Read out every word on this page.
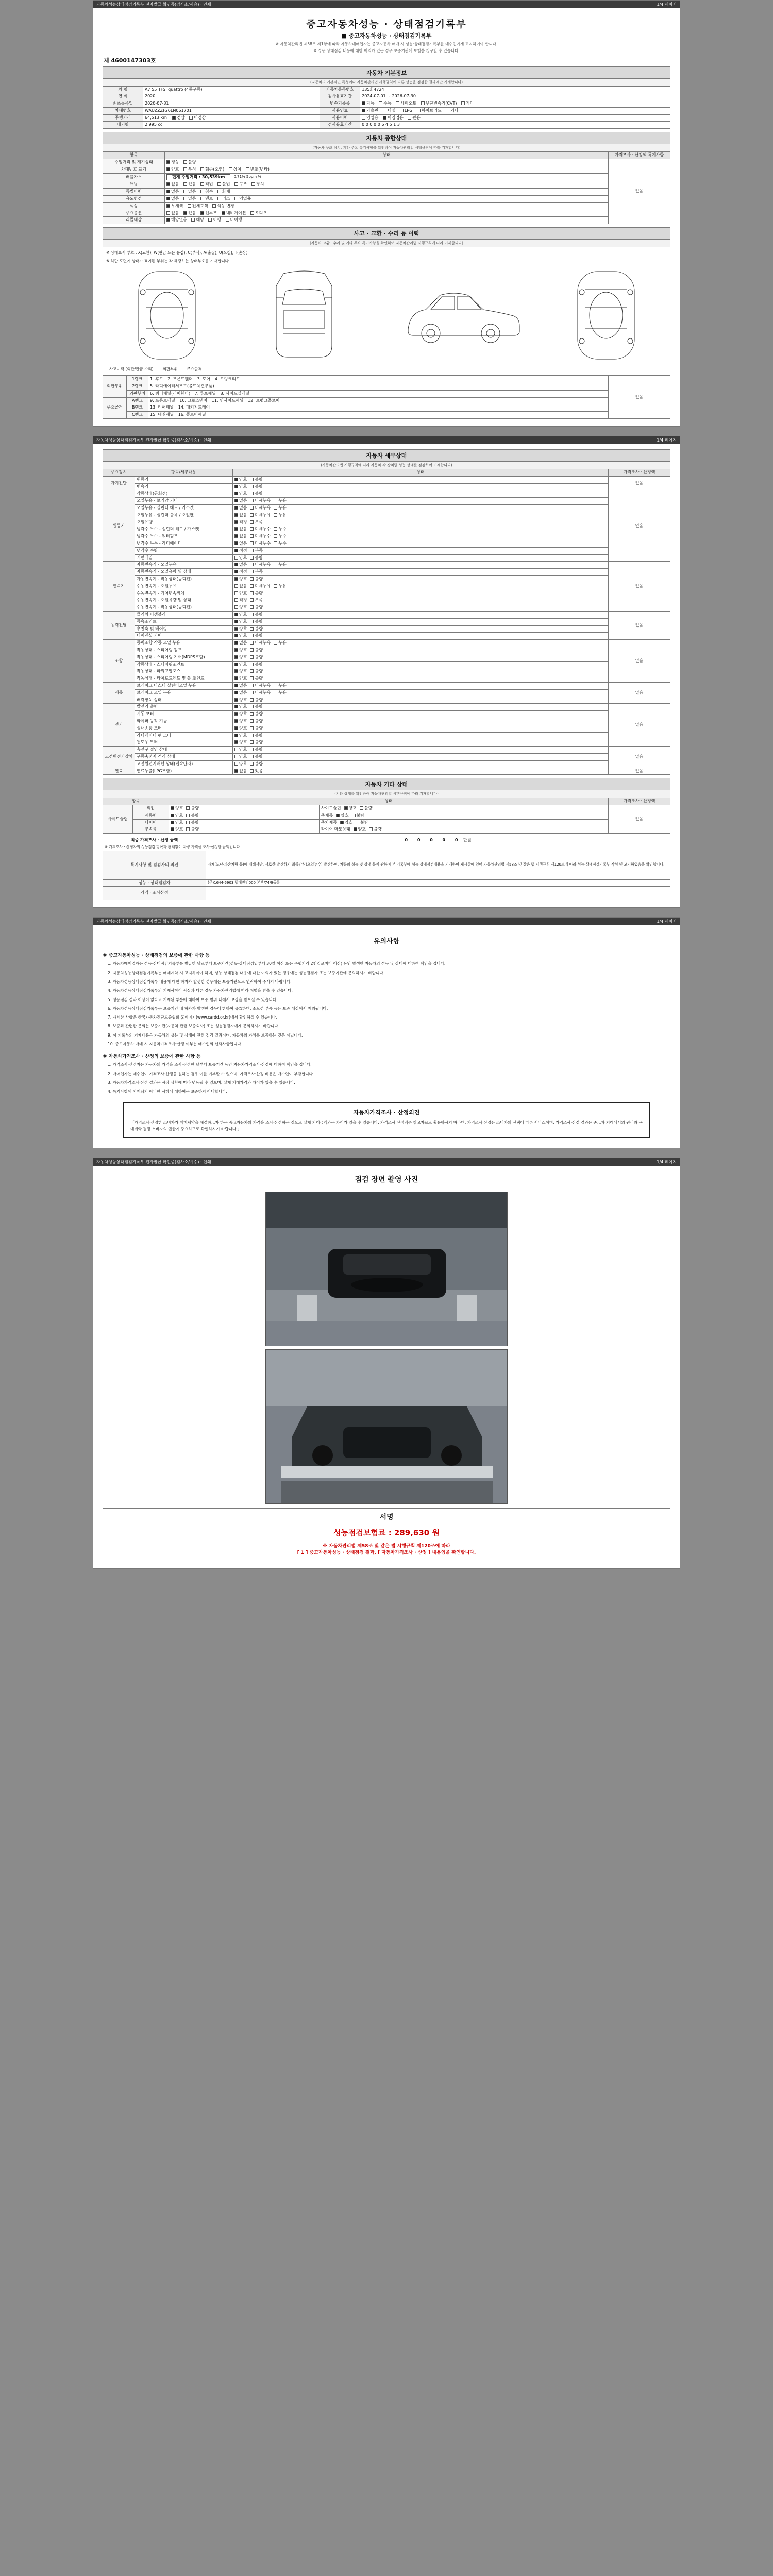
자동차성능상태점검기록부 전자발급 확인증(검사소/시승) · 인쇄	1/4 페이지
중고자동차성능 · 상태점검기록부
■ 중고자동차성능 · 상태점검기록부
※ 자동차관리법 제58조 제1항에 따라 자동차매매업자는 중고자동차 매매 시 성능·상태점검기록부를 매수인에게 고지하여야 합니다.
※ 성능·상태점검 내용에 대한 이의가 있는 경우 보증기관에 보험을 청구할 수 있습니다.
제 4600147303호
자동차 기본정보
(자동차의 기본적인 특성이나 자동차관리법 시행규칙에 따른 성능을 점검한 결과에만 기재합니다)
차 명	A7 55 TFSI quattro (4륜구동)	자동차등록번호	135회4724
연 식	2020	검사유효기간	2024-07-01 ~ 2026-07-30
최초등록일	2020-07-31	변속기종류	자동 수동 세미오토 무단변속기(CVT) 기타
차대번호	WAUZZZF26LN061701	사용연료	가솔린 디젤 LPG 하이브리드 기타
주행거리	64,513 km 정상 비정상	사용이력	영업용 비영업용 관용
배기량	2,995 cc	검사유효기간	0 0 0 0 0 6 4 5 1 3
자동차 종합상태
(자동차 구조·장치, 기타 주요 특기사항을 확인하여 자동차관리법 시행규칙에 따라 기재합니다)
항목	상태	가격조사 · 산정액 특기사항
주행거리 및 계기상태	정상 불량	없음
차대번호 표기	양호 부식 훼손(오염) 상이 변조(변타)	
배출가스	현재 주행거리 : 30,539km 0.71% 5ppm %	

튜닝	없음 있음 적법 불법 구조 장치	
특별이력	없음 있음 침수 화재	
용도변경	없음 있음 렌트 리스 영업용	
색상	무채색 전체도색 색상 변경	
주요옵션	없음 있음 선루프 내비게이션 오디오	
리콜대상	해당없음 해당 이행 미이행	
사고 · 교환 · 수리 등 이력
(자동차 교환 · 수리 및 기타 주요 특기사항을 확인하여 자동차관리법 시행규칙에 따라 기재합니다)
※ 상태표시 부호 : X(교환), W(판금 또는 용접), C(부식), A(흠집), U(요철), T(손상)
※ 하단 도면에 상태가 표기된 부위는 각 해당하는 상태부호를 기재합니다.
사고이력 (외판/판금 수리) 외판부위 주요골격
외판부위	1랭크	1. 후드 2. 프론트휀더 3. 도어 4. 트렁크리드	없음
	2랭크	5. 라디에이터서포트(볼트체결부품)	
	외판부위	6. 쿼터패널(리어휀더) 7. 루프패널 8. 사이드실패널	
주요골격	A랭크	9. 프론트패널 10. 크로스멤버 11. 인사이드패널 12. 트렁크플로어	
	B랭크	13. 리어패널 14. 패키지트레이	
	C랭크	15. 대쉬패널 16. 플로어패널	
자동차성능상태점검기록부 전자발급 확인증(검사소/시승) · 인쇄	1/4 페이지
자동차 세부상태
(자동차관리법 시행규칙에 따라 자동차 각 장치별 성능·상태를 점검하여 기재합니다)
주요장치	항목/세부내용	상태	가격조사 · 산정액
자기진단	원동기	양호 불량	없음
	변속기	양호 불량	
원동기	작동상태(공회전)	양호 불량	없음
	오일누유 - 로커암 커버	없음 미세누유 누유	
	오일누유 - 실린더 헤드 / 가스켓	없음 미세누유 누유	
	오일누유 - 실린더 블록 / 오일팬	없음 미세누유 누유	
	오일유량	적정 부족	
	냉각수 누수 - 실린더 헤드 / 가스켓	없음 미세누수 누수	
	냉각수 누수 - 워터펌프	없음 미세누수 누수	
	냉각수 누수 - 라디에이터	없음 미세누수 누수	
	냉각수 수량	적정 부족	
	커먼레일	양호 불량	
변속기	자동변속기 - 오일누유	없음 미세누유 누유	없음
	자동변속기 - 오일유량 및 상태	적정 부족	
	자동변속기 - 작동상태(공회전)	양호 불량	
	수동변속기 - 오일누유	없음 미세누유 누유	
	수동변속기 - 기어변속장치	양호 불량	
	수동변속기 - 오일유량 및 상태	적정 부족	
	수동변속기 - 작동상태(공회전)	양호 불량	
동력전달	클러치 어셈블리	양호 불량	없음
	등속조인트	양호 불량	
	추진축 및 베어링	양호 불량	
	디퍼렌셜 기어	양호 불량	
조향	동력조향 작동 오일 누유	없음 미세누유 누유	없음
	작동상태 - 스티어링 펌프	양호 불량	
	작동상태 - 스티어링 기어(MDPS포함)	양호 불량	
	작동상태 - 스티어링조인트	양호 불량	
	작동상태 - 파워고압호스	양호 불량	
	작동상태 - 타이로드엔드 및 볼 조인트	양호 불량	
제동	브레이크 마스터 실린더오일 누유	없음 미세누유 누유	없음
	브레이크 오일 누유	없음 미세누유 누유	
	배력장치 상태	양호 불량	
전기	발전기 출력	양호 불량	없음
	시동 모터	양호 불량	
	와이퍼 동작 기능	양호 불량	
	실내송풍 모터	양호 불량	
	라디에이터 팬 모터	양호 불량	
	윈도우 모터	양호 불량	
고전원전기장치	충전구 절연 상태	양호 불량	없음
	구동축전지 격리 상태	양호 불량	
	고전원전기배선 상태(접속단자)	양호 불량	
연료	연료누출(LPG포함)	없음 있음	없음
자동차 기타 상태
(기타 상태를 확인하여 자동차관리법 시행규칙에 따라 기재합니다)
항목		상태		가격조사 · 산정액
사이드슬립	외입	양호 불량	사이드슬립 양호 불량	없음
	제동력	양호 불량	주제동 양호 불량	
	타이어	양호 불량	주차제동 양호 불량	
	부속품	양호 불량	타이어 마모상태 양호 불량	
최종 가격조사 · 산정 금액	0 0 0 0 0 만원
※ 가격조사 · 산정자의 성능점검 항목과 관계없이 차량 가격을 조사·산정한 금액입니다.	
특기사항 및 점검자의 의견	자체(도난·파손차량 등)에 대해서만, 서로한 발견하지 최종감식(오일누수) 발견하며, 차량의 성능 및 상태 등에 관하여 본 기록부에 성능·상태점검내용을 기재하여 제시함에 있어 자동차관리법 제58조 및 같은 법 시행규칙 제120조에 따라 성능·상태점검기록부 작성 및 고지하였음을 확인합니다.
성능 · 상태점검자	(주)1644-5903 범페관리000 본부/74/9등록
가격 · 조사산정	
자동차성능상태점검기록부 전자발급 확인증(검사소/시승) · 인쇄	1/4 페이지
유의사항
※ 중고자동차성능 · 상태점검의 보증에 관한 사항 등

1. 자동차매매업자는 성능·상태점검기록부를 발급한 날로부터 보증기간(성능·상태점검일부터 30일 이상 또는 주행거리 2천킬로미터 이상) 동안 발생한 자동차의 성능 및 상태에 대하여 책임을 집니다.

2. 자동차성능상태점검기록부는 매매계약 시 고지하여야 하며, 성능·상태점검 내용에 대한 이의가 있는 경우에는 성능점검자 또는 보증기관에 문의하시기 바랍니다.

3. 자동차성능상태점검기록부 내용에 대한 하자가 발생한 경우에는 보증기관으로 연락하여 주시기 바랍니다.

4. 자동차성능상태점검기록부의 기재사항이 사실과 다른 경우 자동차관리법에 따라 처벌을 받을 수 있습니다.

5. 성능점검 결과 이상이 없다고 기재된 부분에 대하여 보증 범위 내에서 보상을 받으실 수 있습니다.

6. 자동차성능상태점검기록부는 보증기간 내 하자가 발생한 경우에 한하여 유효하며, 소모성 부품 등은 보증 대상에서 제외됩니다.

7. 자세한 사항은 한국자동차진단보증협회 홈페이지(www.cardd.or.kr)에서 확인하실 수 있습니다.

8. 보증과 관련한 문의는 보증기관(자동차 관련 보증회사) 또는 성능점검자에게 문의하시기 바랍니다.

9. 이 기록부의 기재내용은 자동차의 성능 및 상태에 관한 점검 결과이며, 자동차의 가치를 보증하는 것은 아닙니다.

10. 중고자동차 매매 시 자동차가격조사·산정 여부는 매수인의 선택사항입니다.

※ 자동차가격조사 · 산정의 보증에 관한 사항 등

1. 가격조사·산정자는 자동차의 가격을 조사·산정한 날부터 보증기간 동안 자동차가격조사·산정에 대하여 책임을 집니다.

2. 매매업자는 매수인이 가격조사·산정을 원하는 경우 이를 거부할 수 없으며, 가격조사·산정 비용은 매수인이 부담합니다.

3. 자동차가격조사·산정 결과는 시장 상황에 따라 변동될 수 있으며, 실제 거래가격과 차이가 있을 수 있습니다.

4. 특기사항에 기재되지 아니한 사항에 대하여는 보증하지 아니합니다.

자동차가격조사 · 산정의견

「가격조사·산정한 소비자가 매매계약을 체결하고자 하는 중고자동차의 가격을 조사·산정하는 것으로 실제 거래금액과는 차이가 있을 수 있습니다. 가격조사·산정액은 참고자료로 활용하시기 바라며, 가격조사·산정은 소비자의 선택에 따른 서비스이며, 가격조사·산정 결과는 중고차 거래에서의 권리와 구매계약 결정 소비자의 권한에 중요하므로 확인하시기 바랍니다.」

자동차성능상태점검기록부 전자발급 확인증(검사소/시승) · 인쇄	1/4 페이지
점검 장면 촬영 사진
서명
성능점검보험료 : 289,630 원
※ 자동차관리법 제58조 및 같은 법 시행규칙 제120조에 따라
[ 1 ] 중고자동차성능 · 상태점검 결과, [ 자동차가격조사 · 산정 ] 내용임을 확인합니다.
